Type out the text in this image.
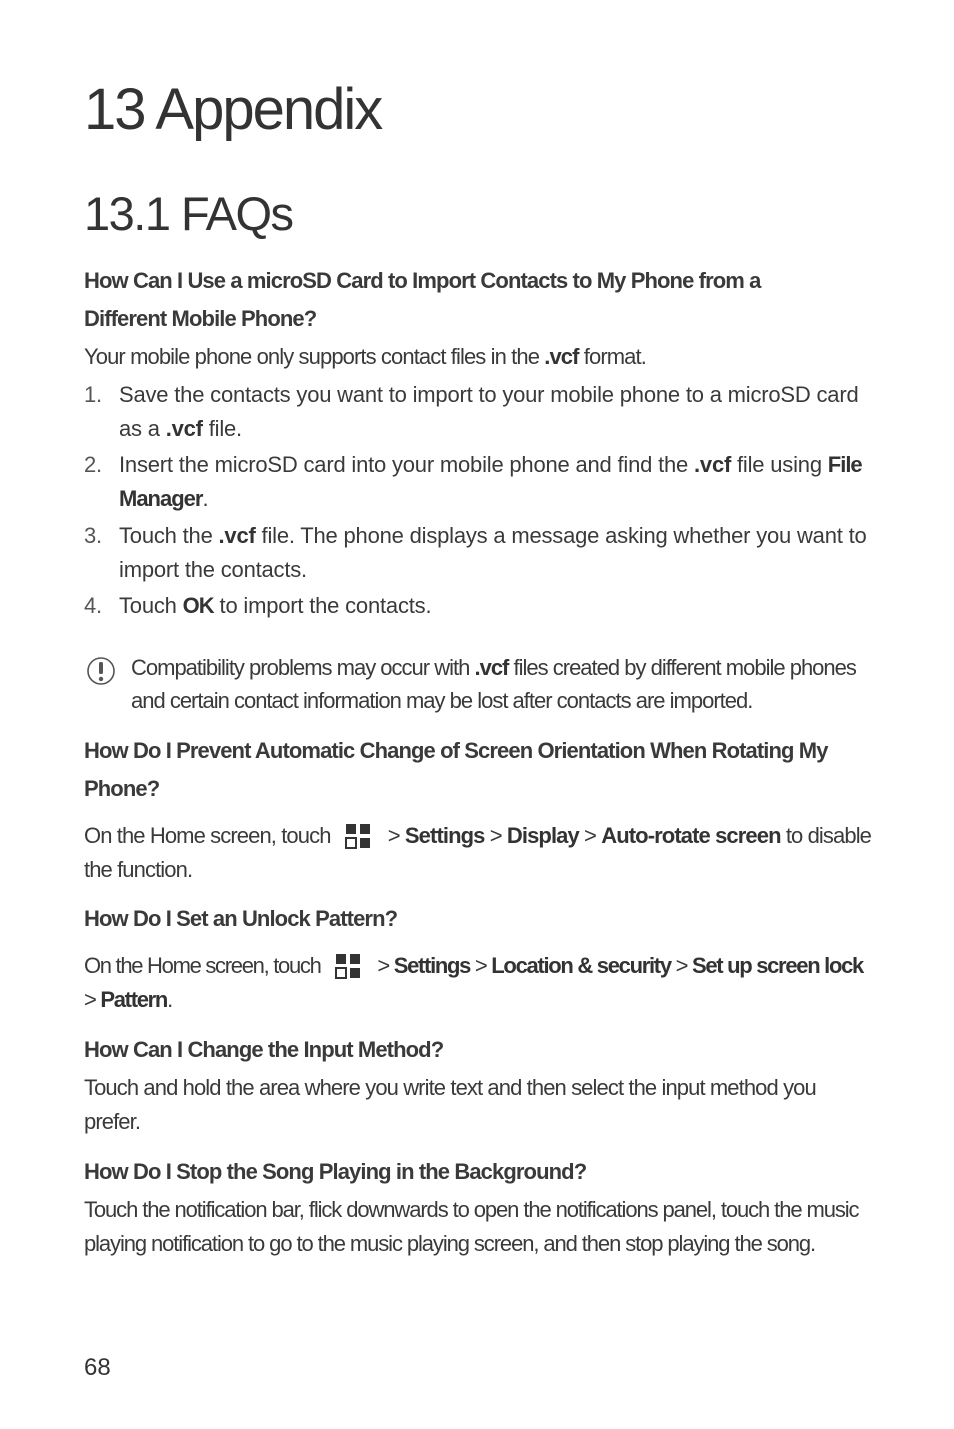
13 Appendix
13.1 FAQs
How Can I Use a microSD Card to Import Contacts to My Phone from a
Different Mobile Phone?
Your mobile phone only supports contact files in the .vcf format.
1. Save the contacts you want to import to your mobile phone to a microSD card as a .vcf file.
2. Insert the microSD card into your mobile phone and find the .vcf file using File Manager.
3. Touch the .vcf file. The phone displays a message asking whether you want to import the contacts.
4. Touch OK to import the contacts.
Compatibility problems may occur with .vcf files created by different mobile phones and certain contact information may be lost after contacts are imported.
How Do I Prevent Automatic Change of Screen Orientation When Rotating My
Phone?
On the Home screen, touch > Settings > Display > Auto-rotate screen to disable the function.
How Do I Set an Unlock Pattern?
On the Home screen, touch > Settings > Location & security > Set up screen lock > Pattern.
How Can I Change the Input Method?
Touch and hold the area where you write text and then select the input method you prefer.
How Do I Stop the Song Playing in the Background?
Touch the notification bar, flick downwards to open the notifications panel, touch the music playing notification to go to the music playing screen, and then stop playing the song.
68
